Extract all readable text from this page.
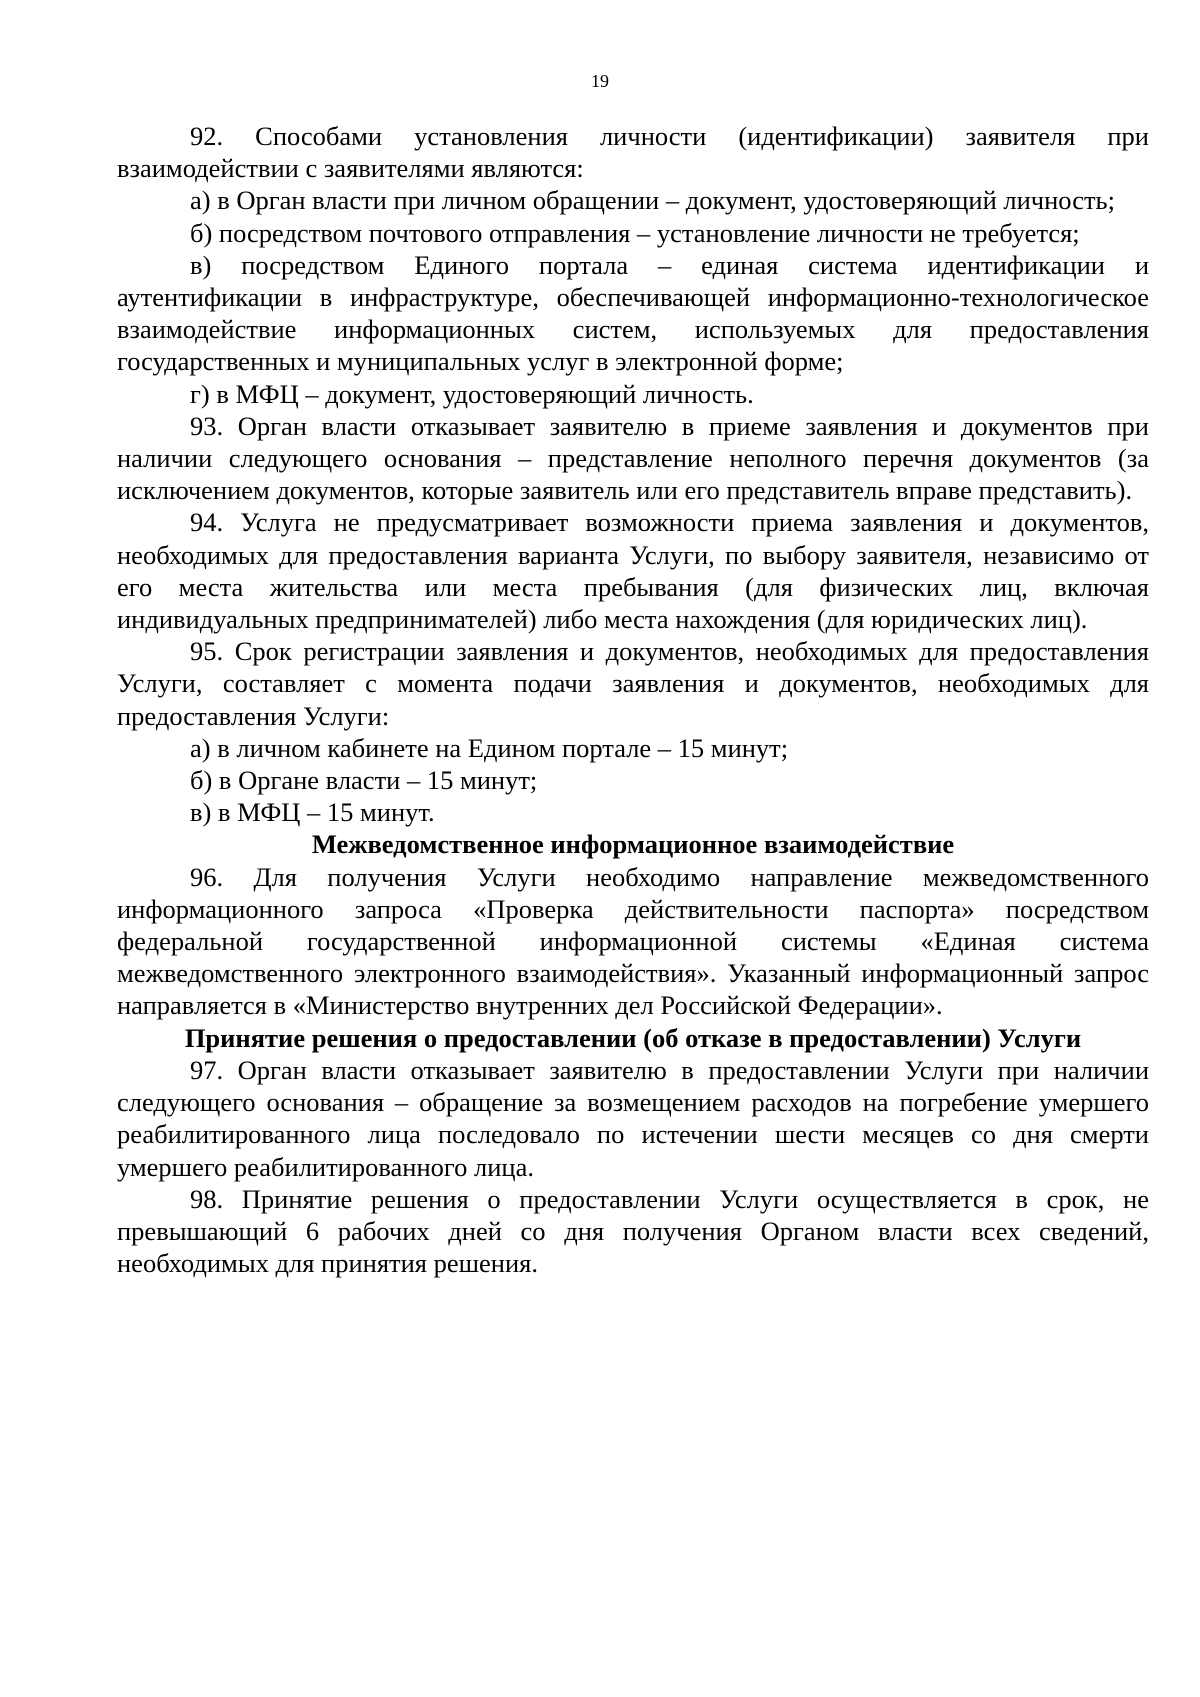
19

92. Способами установления личности (идентификации) заявителя при взаимодействии с заявителями являются:

а) в Орган власти при личном обращении – документ, удостоверяющий личность;

б) посредством почтового отправления – установление личности не требуется;

в) посредством Единого портала – единая система идентификации и аутентификации в инфраструктуре, обеспечивающей информационно-технологическое взаимодействие информационных систем, используемых для предоставления государственных и муниципальных услуг в электронной форме;

г) в МФЦ – документ, удостоверяющий личность.

93. Орган власти отказывает заявителю в приеме заявления и документов при наличии следующего основания – представление неполного перечня документов (за исключением документов, которые заявитель или его представитель вправе представить).

94. Услуга не предусматривает возможности приема заявления и документов, необходимых для предоставления варианта Услуги, по выбору заявителя, независимо от его места жительства или места пребывания (для физических лиц, включая индивидуальных предпринимателей) либо места нахождения (для юридических лиц).

95. Срок регистрации заявления и документов, необходимых для предоставления Услуги, составляет с момента подачи заявления и документов, необходимых для предоставления Услуги:

а) в личном кабинете на Едином портале – 15 минут;

б) в Органе власти – 15 минут;

в) в МФЦ – 15 минут.

Межведомственное информационное взаимодействие

96. Для получения Услуги необходимо направление межведомственного информационного запроса «Проверка действительности паспорта» посредством федеральной государственной информационной системы «Единая система межведомственного электронного взаимодействия». Указанный информационный запрос направляется в «Министерство внутренних дел Российской Федерации».

Принятие решения о предоставлении (об отказе в предоставлении) Услуги

97. Орган власти отказывает заявителю в предоставлении Услуги при наличии следующего основания – обращение за возмещением расходов на погребение умершего реабилитированного лица последовало по истечении шести месяцев со дня смерти умершего реабилитированного лица.

98. Принятие решения о предоставлении Услуги осуществляется в срок, не превышающий 6 рабочих дней со дня получения Органом власти всех сведений, необходимых для принятия решения.
